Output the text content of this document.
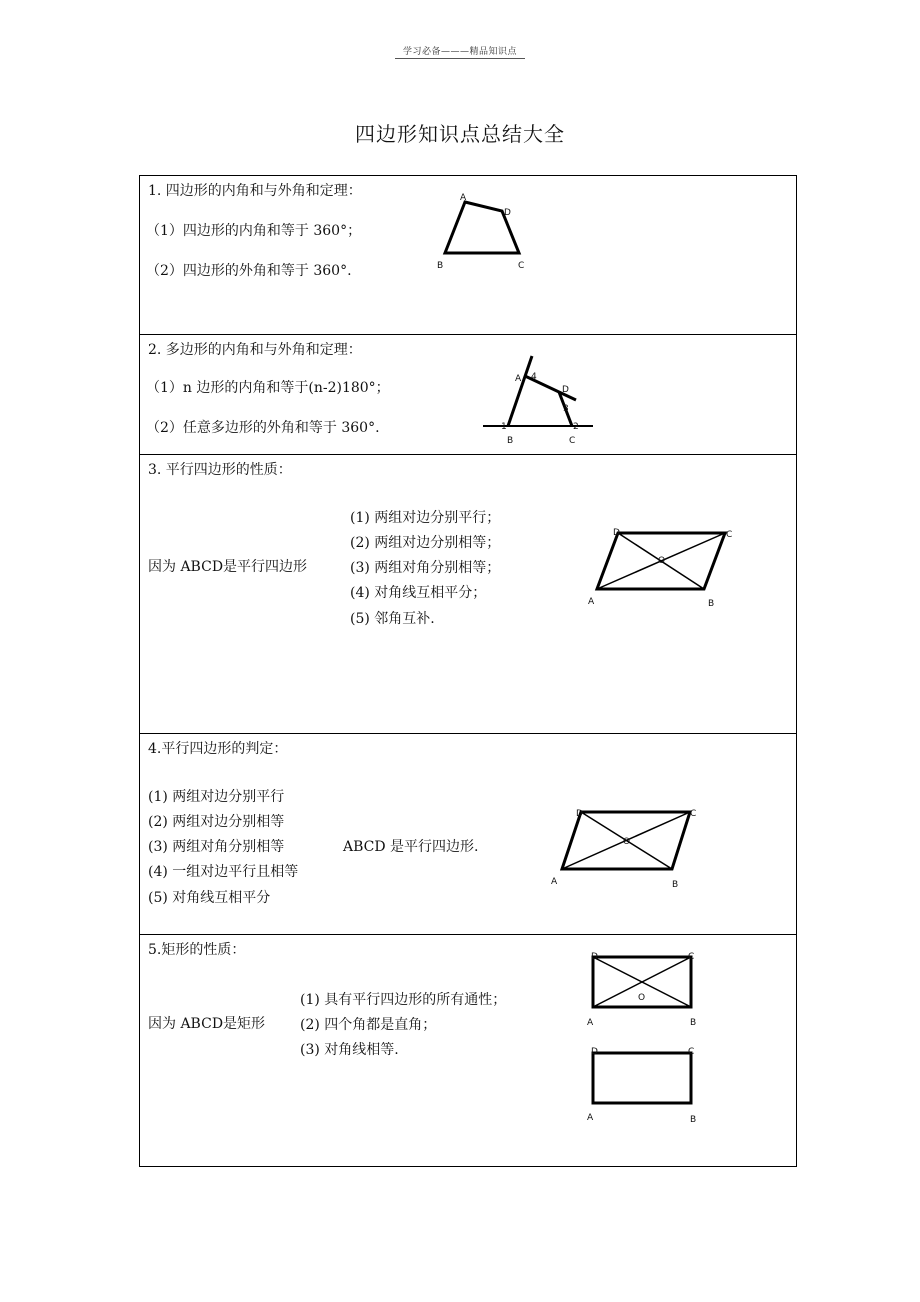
学习必备———精品知识点
四边形知识点总结大全
1. 四边形的内角和与外角和定理：
（1）四边形的内角和等于 360°；
（2）四边形的外角和等于 360°.
A
D
B	C
2. 多边形的内角和与外角和定理：
（1）n 边形的内角和等于(n-2)180°；
（2）任意多边形的外角和等于 360°.
A 4
D
3
1	2
B	C
3. 平行四边形的性质：
因为 ABCD是平行四边形
(1) 两组对边分别平行；
(2) 两组对边分别相等；
(3) 两组对角分别相等；
(4) 对角线互相平分；
(5) 邻角互补.
D	C
O
A	B
4.平行四边形的判定：
(1) 两组对边分别平行
(2) 两组对边分别相等
(3) 两组对角分别相等
(4) 一组对边平行且相等
(5) 对角线互相平分
ABCD 是平行四边形.
D	C
O
A	B
5.矩形的性质：
因为 ABCD是矩形
(1) 具有平行四边形的所有通性；
(2) 四个角都是直角；
(3) 对角线相等.
D	C
O
A	B
D	C
A	B
